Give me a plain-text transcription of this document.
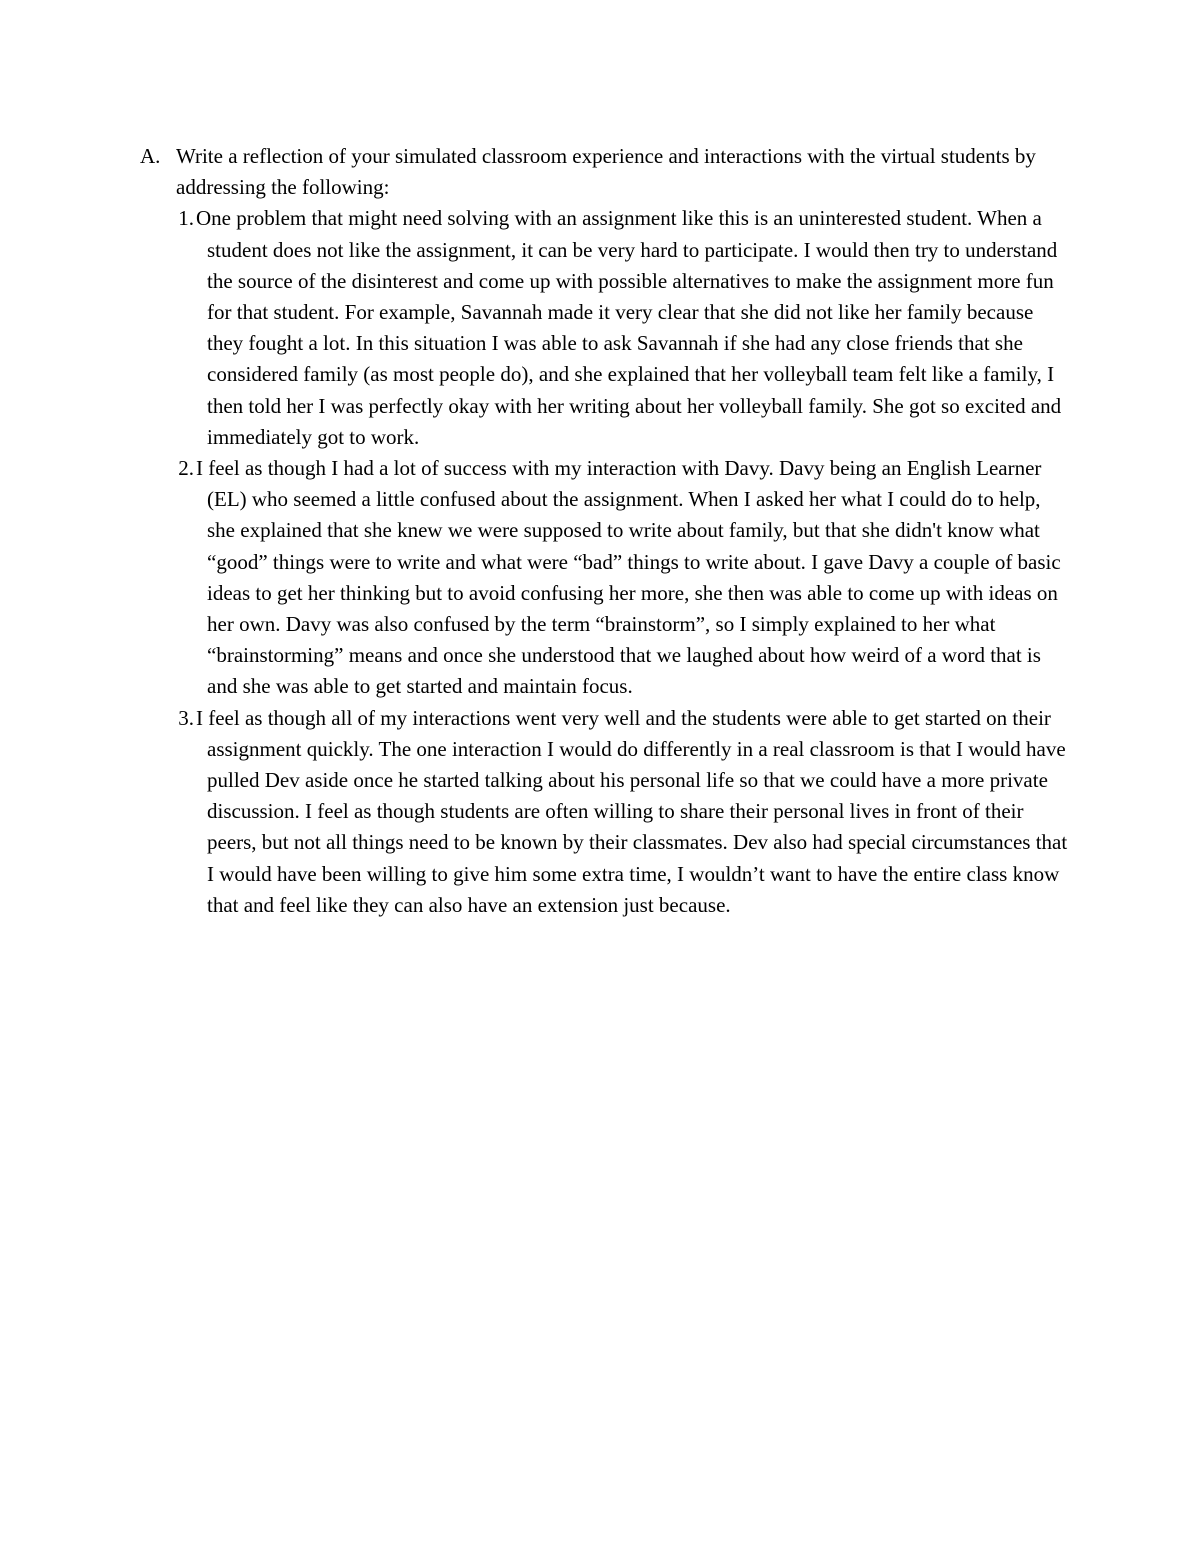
A. Write a reflection of your simulated classroom experience and interactions with the virtual students by addressing the following:
1. One problem that might need solving with an assignment like this is an uninterested student. When a student does not like the assignment, it can be very hard to participate. I would then try to understand the source of the disinterest and come up with possible alternatives to make the assignment more fun for that student. For example, Savannah made it very clear that she did not like her family because they fought a lot. In this situation I was able to ask Savannah if she had any close friends that she considered family (as most people do), and she explained that her volleyball team felt like a family, I then told her I was perfectly okay with her writing about her volleyball family. She got so excited and immediately got to work.
2. I feel as though I had a lot of success with my interaction with Davy. Davy being an English Learner (EL) who seemed a little confused about the assignment. When I asked her what I could do to help, she explained that she knew we were supposed to write about family, but that she didn't know what “good” things were to write and what were “bad” things to write about. I gave Davy a couple of basic ideas to get her thinking but to avoid confusing her more, she then was able to come up with ideas on her own. Davy was also confused by the term “brainstorm”, so I simply explained to her what “brainstorming” means and once she understood that we laughed about how weird of a word that is and she was able to get started and maintain focus.
3. I feel as though all of my interactions went very well and the students were able to get started on their assignment quickly. The one interaction I would do differently in a real classroom is that I would have pulled Dev aside once he started talking about his personal life so that we could have a more private discussion. I feel as though students are often willing to share their personal lives in front of their peers, but not all things need to be known by their classmates. Dev also had special circumstances that I would have been willing to give him some extra time, I wouldn’t want to have the entire class know that and feel like they can also have an extension just because.
